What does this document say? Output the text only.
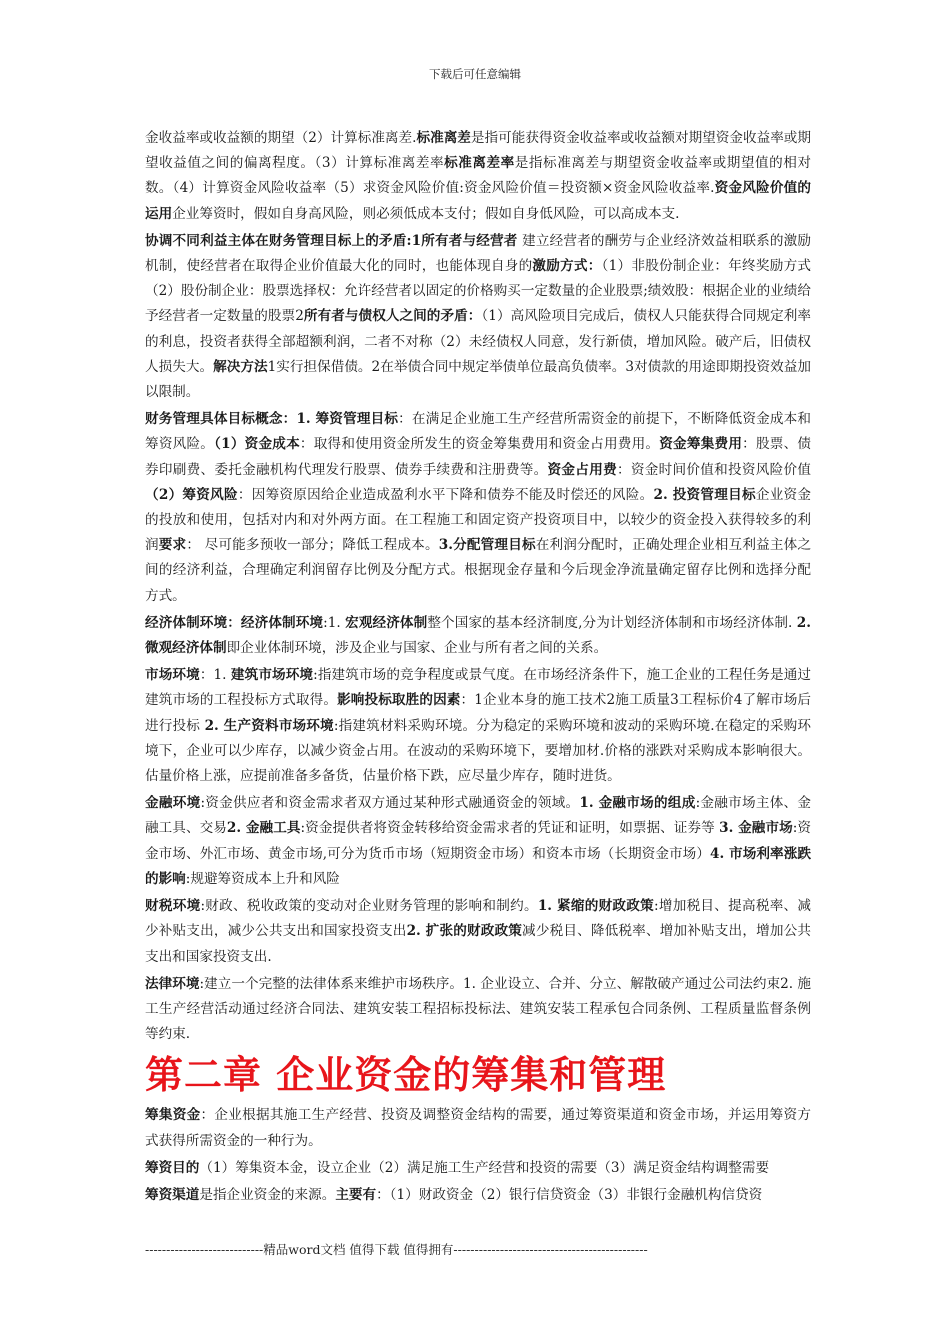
下载后可任意编辑

金收益率或收益额的期望（2）计算标准离差.标准离差是指可能获得资金收益率或收益额对期望资金收益率或期望收益值之间的偏离程度。（3）计算标准离差率标准离差率是指标准离差与期望资金收益率或期望值的相对数。（4）计算资金风险收益率（5）求资金风险价值:资金风险价值＝投资额×资金风险收益率.资金风险价值的运用企业筹资时，假如自身高风险，则必须低成本支付；假如自身低风险，可以高成本支.

协调不同利益主体在财务管理目标上的矛盾:1所有者与经营者 建立经营者的酬劳与企业经济效益相联系的激励机制，使经营者在取得企业价值最大化的同时，也能体现自身的激励方式：（1）非股份制企业：年终奖励方式（2）股份制企业：股票选择权：允许经营者以固定的价格购买一定数量的企业股票;绩效股：根据企业的业绩给予经营者一定数量的股票2所有者与债权人之间的矛盾：（1）高风险项目完成后，债权人只能获得合同规定利率的利息，投资者获得全部超额利润，二者不对称（2）未经债权人同意，发行新债，增加风险。破产后，旧债权人损失大。解决方法1实行担保借债。2在举债合同中规定举债单位最高负债率。3对债款的用途即期投资效益加以限制。

财务管理具体目标概念：1. 筹资管理目标：在满足企业施工生产经营所需资金的前提下，不断降低资金成本和筹资风险。（1）资金成本：取得和使用资金所发生的资金筹集费用和资金占用费用。资金筹集费用：股票、债券印刷费、委托金融机构代理发行股票、债券手续费和注册费等。资金占用费：资金时间价值和投资风险价值（2）筹资风险：因筹资原因给企业造成盈利水平下降和债券不能及时偿还的风险。2. 投资管理目标企业资金的投放和使用，包括对内和对外两方面。在工程施工和固定资产投资项目中，以较少的资金投入获得较多的利润要求： 尽可能多预收一部分；降低工程成本。3.分配管理目标在利润分配时，正确处理企业相互利益主体之间的经济利益，合理确定利润留存比例及分配方式。根据现金存量和今后现金净流量确定留存比例和选择分配方式。

经济体制环境：经济体制环境:1. 宏观经济体制整个国家的基本经济制度,分为计划经济体制和市场经济体制. 2. 微观经济体制即企业体制环境，涉及企业与国家、企业与所有者之间的关系。

市场环境：1. 建筑市场环境:指建筑市场的竞争程度或景气度。在市场经济条件下，施工企业的工程任务是通过建筑市场的工程投标方式取得。影响投标取胜的因素：1企业本身的施工技术2施工质量3工程标价4了解市场后进行投标 2. 生产资料市场环境:指建筑材料采购环境。分为稳定的采购环境和波动的采购环境.在稳定的采购环境下，企业可以少库存，以减少资金占用。在波动的采购环境下，要增加材.价格的涨跌对采购成本影响很大。估量价格上涨，应提前准备多备货，估量价格下跌，应尽量少库存，随时进货。

金融环境:资金供应者和资金需求者双方通过某种形式融通资金的领域。1. 金融市场的组成:金融市场主体、金融工具、交易2. 金融工具:资金提供者将资金转移给资金需求者的凭证和证明，如票据、证券等 3. 金融市场:资金市场、外汇市场、黄金市场,可分为货币市场（短期资金市场）和资本市场（长期资金市场）4. 市场利率涨跌的影响:规避筹资成本上升和风险

财税环境:财政、税收政策的变动对企业财务管理的影响和制约。1. 紧缩的财政政策:增加税目、提高税率、减少补贴支出，减少公共支出和国家投资支出2. 扩张的财政政策减少税目、降低税率、增加补贴支出，增加公共支出和国家投资支出.

法律环境:建立一个完整的法律体系来维护市场秩序。1. 企业设立、合并、分立、解散破产通过公司法约束2. 施工生产经营活动通过经济合同法、建筑安装工程招标投标法、建筑安装工程承包合同条例、工程质量监督条例等约束.

第二章 企业资金的筹集和管理

筹集资金：企业根据其施工生产经营、投资及调整资金结构的需要，通过筹资渠道和资金市场，并运用筹资方式获得所需资金的一种行为。

筹资目的（1）筹集资本金，设立企业（2）满足施工生产经营和投资的需要（3）满足资金结构调整需要

筹资渠道是指企业资金的来源。主要有：（1）财政资金（2）银行信贷资金（3）非银行金融机构信贷资

----------------------------精品word文档 值得下载 值得拥有----------------------------------------------
